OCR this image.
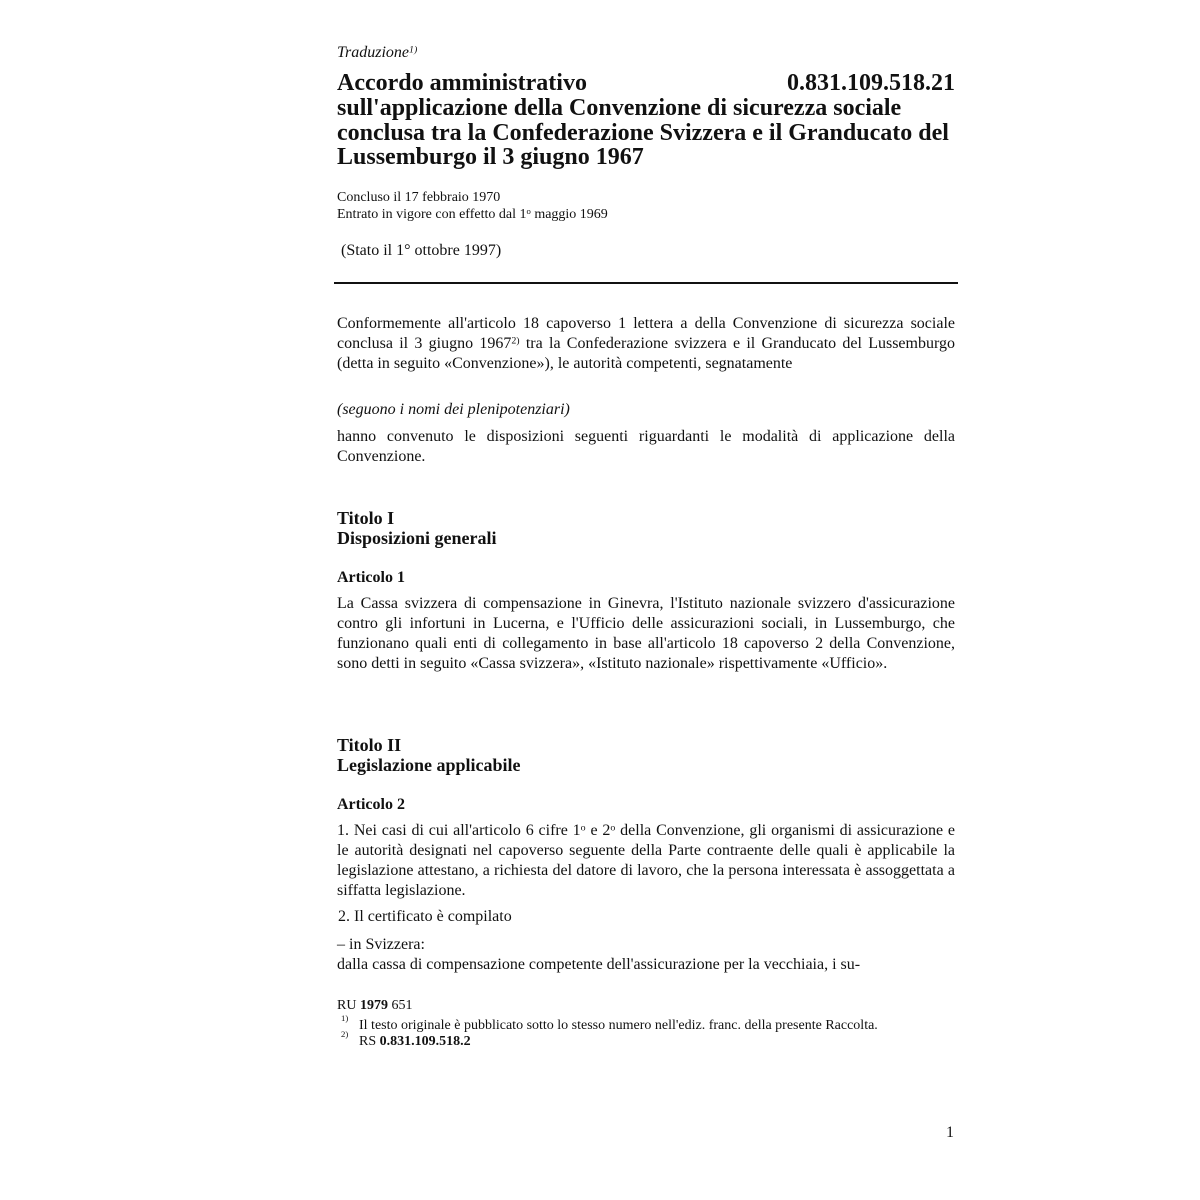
Traduzione$^{1)}$
Accordo amministrativo	0.831.109.518.21
sull'applicazione della Convenzione di sicurezza sociale
conclusa tra la Confederazione Svizzera e il Granducato del
Lussemburgo il 3 giugno 1967
Concluso il 17 febbraio 1970
Entrato in vigore con effetto dal 1$^o$ maggio 1969
(Stato il 1° ottobre 1997)
Conformemente all'articolo 18 capoverso 1 lettera a della Convenzione di sicurezza sociale conclusa il 3 giugno 1967$^{2)}$ tra la Confederazione svizzera e il Granducato del Lussemburgo (detta in seguito «Convenzione»), le autorità competenti, segnatamente
(seguono i nomi dei plenipotenziari)
hanno convenuto le disposizioni seguenti riguardanti le modalità di applicazione della Convenzione.
Titolo I
Disposizioni generali
Articolo 1
La Cassa svizzera di compensazione in Ginevra, l'Istituto nazionale svizzero d'assicurazione contro gli infortuni in Lucerna, e l'Ufficio delle assicurazioni sociali, in Lussemburgo, che funzionano quali enti di collegamento in base all'articolo 18 capoverso 2 della Convenzione, sono detti in seguito «Cassa svizzera», «Istituto nazionale» rispettivamente «Ufficio».
Titolo II
Legislazione applicabile
Articolo 2
1. Nei casi di cui all'articolo 6 cifre 1$^o$ e 2$^o$ della Convenzione, gli organismi di assicurazione e le autorità designati nel capoverso seguente della Parte contraente delle quali è applicabile la legislazione attestano, a richiesta del datore di lavoro, che la persona interessata è assoggettata a siffatta legislazione.
2. Il certificato è compilato
– in Svizzera:
dalla cassa di compensazione competente dell'assicurazione per la vecchiaia, i su-
RU 1979 651
1) Il testo originale è pubblicato sotto lo stesso numero nell'ediz. franc. della presente Raccolta.
2) RS 0.831.109.518.2
1
